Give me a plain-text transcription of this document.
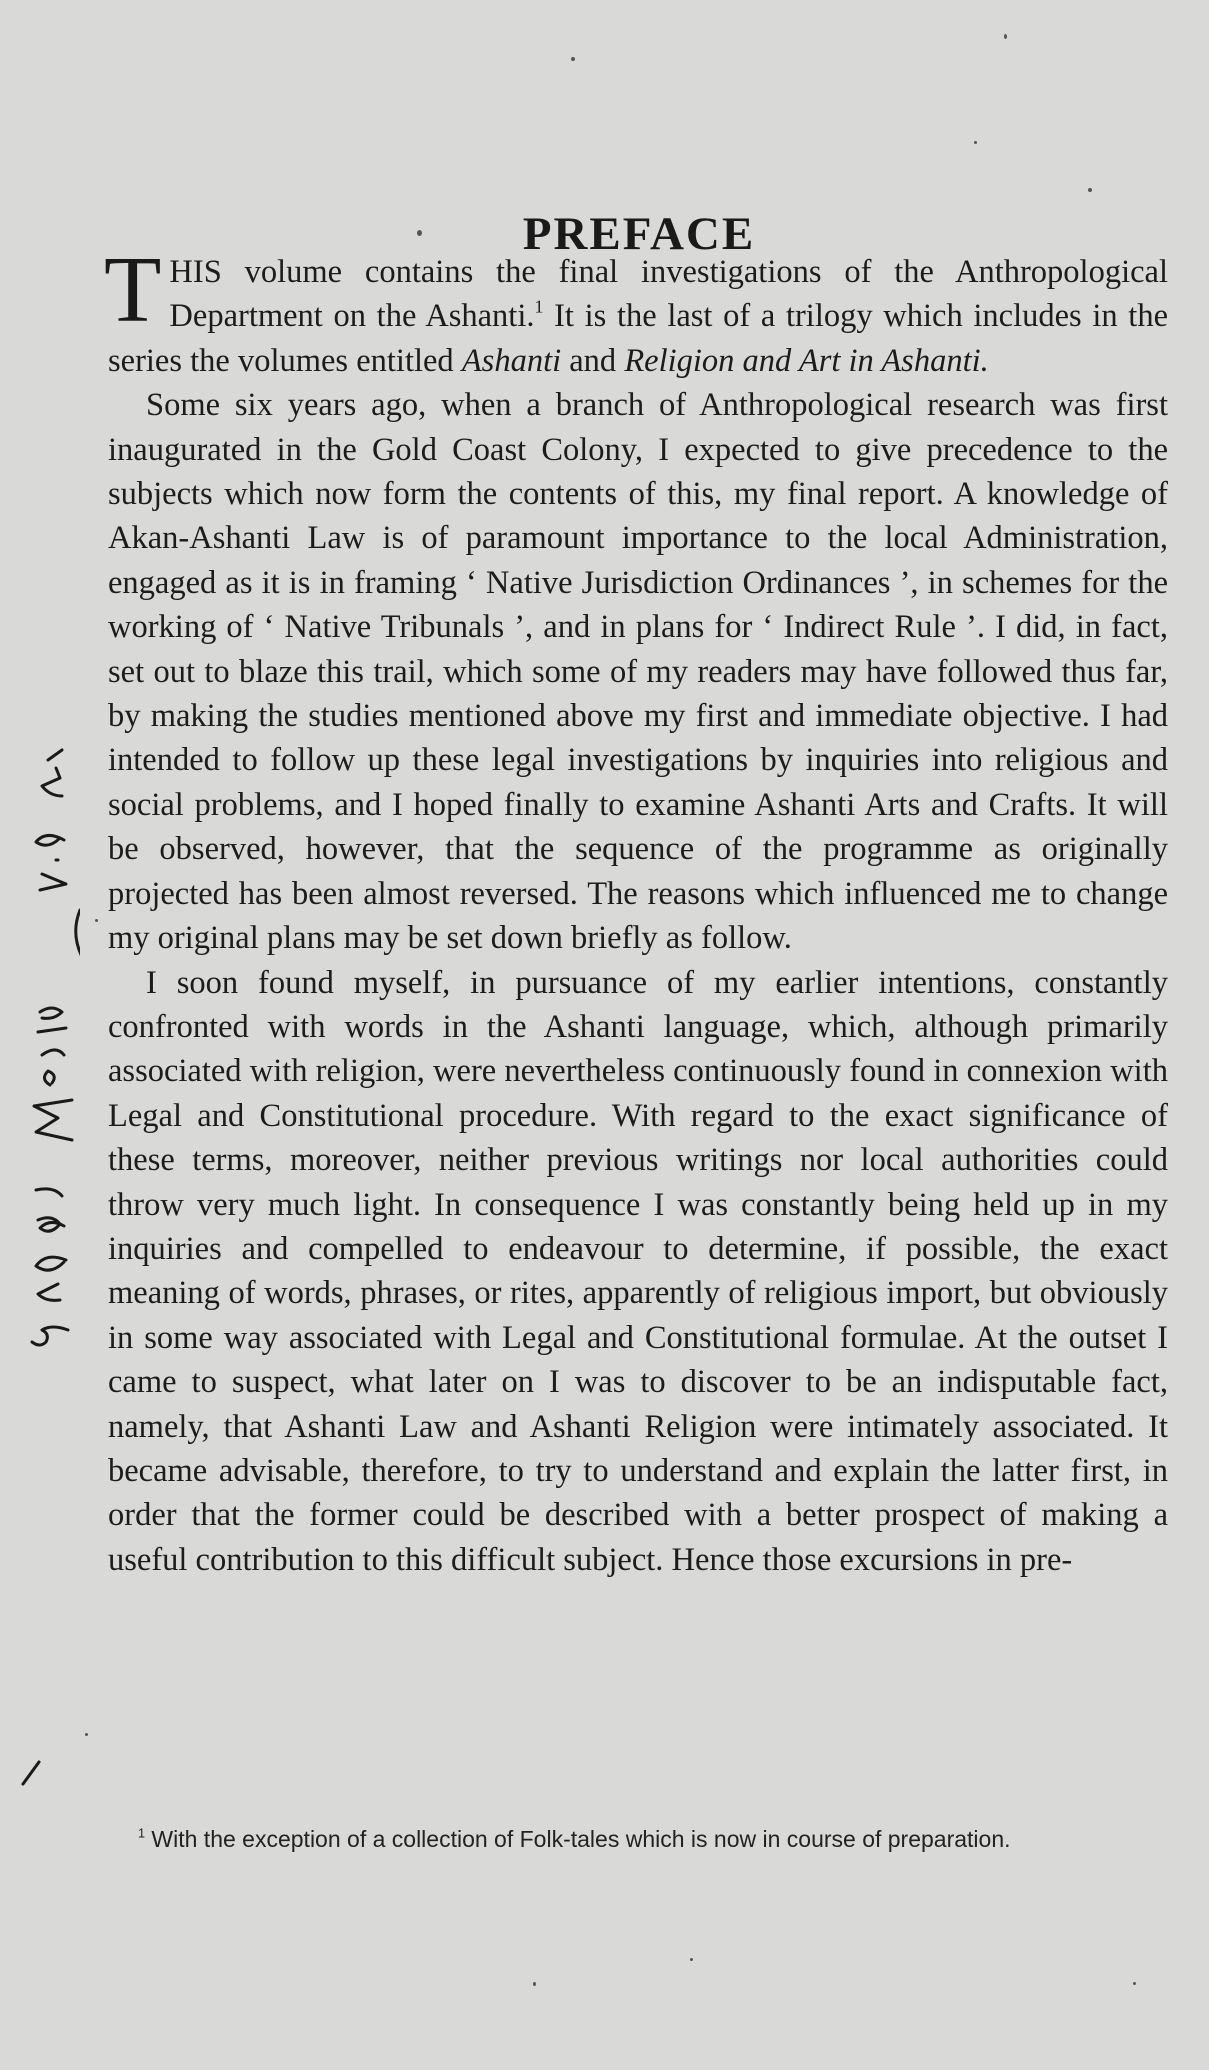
PREFACE

THIS volume contains the final investigations of the Anthropological Department on the Ashanti.$^1$ It is the last of a trilogy which includes in the series the volumes entitled Ashanti and Religion and Art in Ashanti.

Some six years ago, when a branch of Anthropological research was first inaugurated in the Gold Coast Colony, I expected to give precedence to the subjects which now form the contents of this, my final report. A knowledge of Akan-Ashanti Law is of paramount importance to the local Administration, engaged as it is in framing ‘ Native Jurisdiction Ordinances ’, in schemes for the working of ‘ Native Tribunals ’, and in plans for ‘ Indirect Rule ’. I did, in fact, set out to blaze this trail, which some of my readers may have followed thus far, by making the studies mentioned above my first and immediate objective. I had intended to follow up these legal investigations by inquiries into religious and social problems, and I hoped finally to examine Ashanti Arts and Crafts. It will be observed, however, that the sequence of the programme as originally projected has been almost reversed. The reasons which influenced me to change my original plans may be set down briefly as follow.

I soon found myself, in pursuance of my earlier intentions, constantly confronted with words in the Ashanti language, which, although primarily associated with religion, were nevertheless continuously found in connexion with Legal and Constitutional procedure. With regard to the exact significance of these terms, moreover, neither previous writings nor local authorities could throw very much light. In consequence I was constantly being held up in my inquiries and compelled to endeavour to determine, if possible, the exact meaning of words, phrases, or rites, apparently of religious import, but obviously in some way associated with Legal and Constitutional formulae. At the outset I came to suspect, what later on I was to discover to be an indisputable fact, namely, that Ashanti Law and Ashanti Religion were intimately associated. It became advisable, therefore, to try to understand and explain the latter first, in order that the former could be described with a better prospect of making a useful contribution to this difficult subject. Hence those excursions in pre-

$^1$ With the exception of a collection of Folk-tales which is now in course of preparation.
